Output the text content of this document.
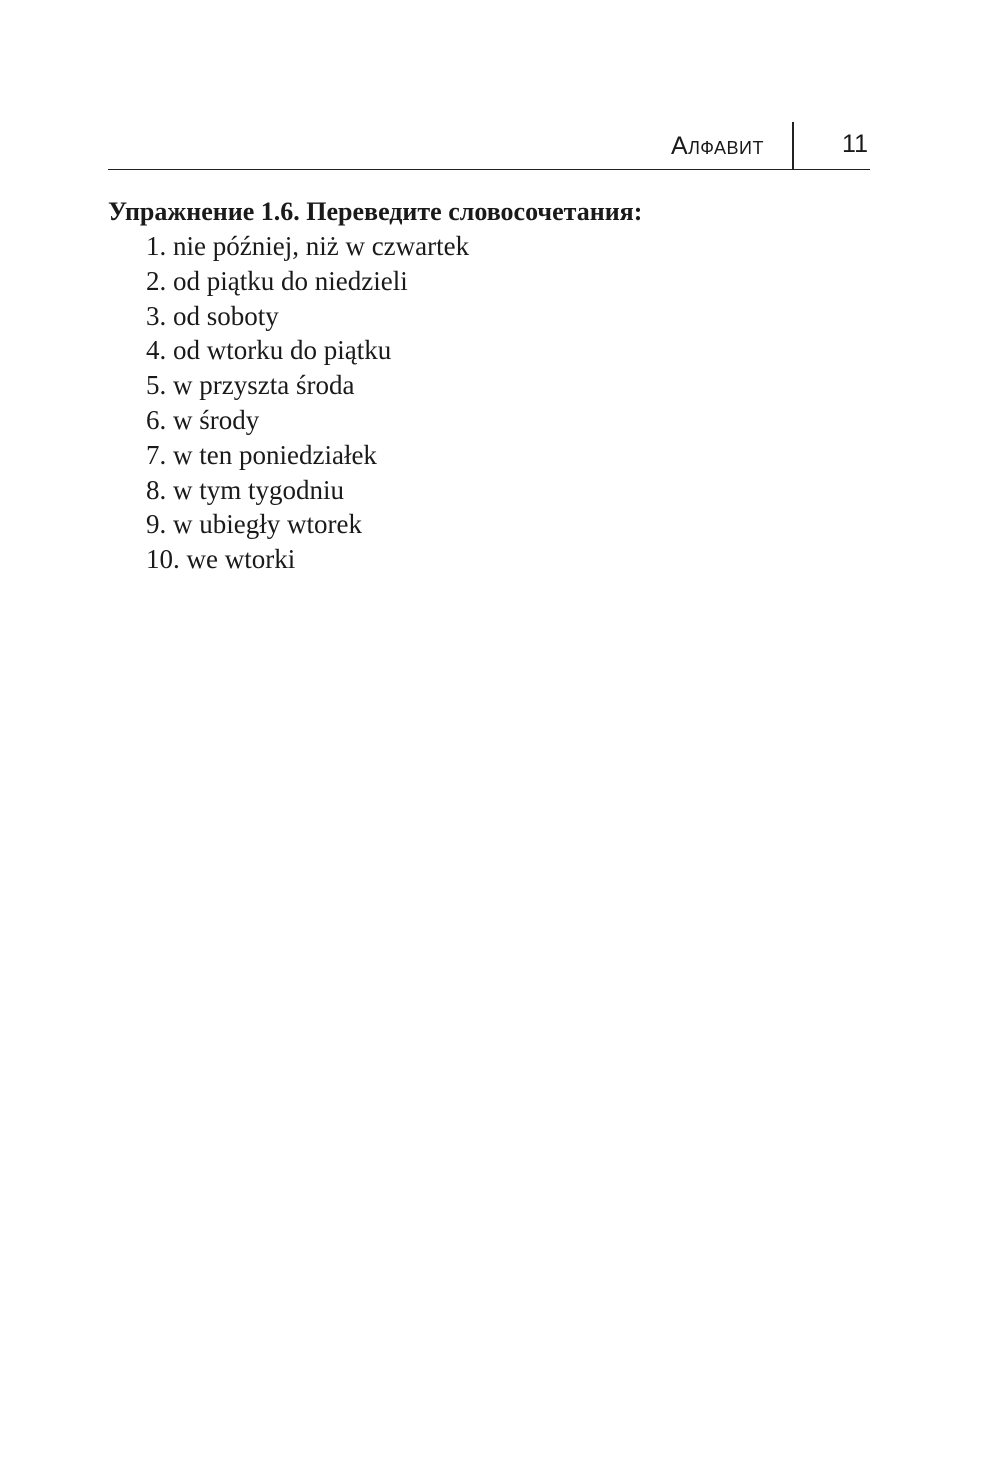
Алфавит	11

Упражнение 1.6. Переведите словосочетания:

1. nie później, niż w czwartek
2. od piątku do niedzieli
3. od soboty
4. od wtorku do piątku
5. w przyszta środa
6. w środy
7. w ten poniedziałek
8. w tym tygodniu
9. w ubiegły wtorek
10. we wtorki
